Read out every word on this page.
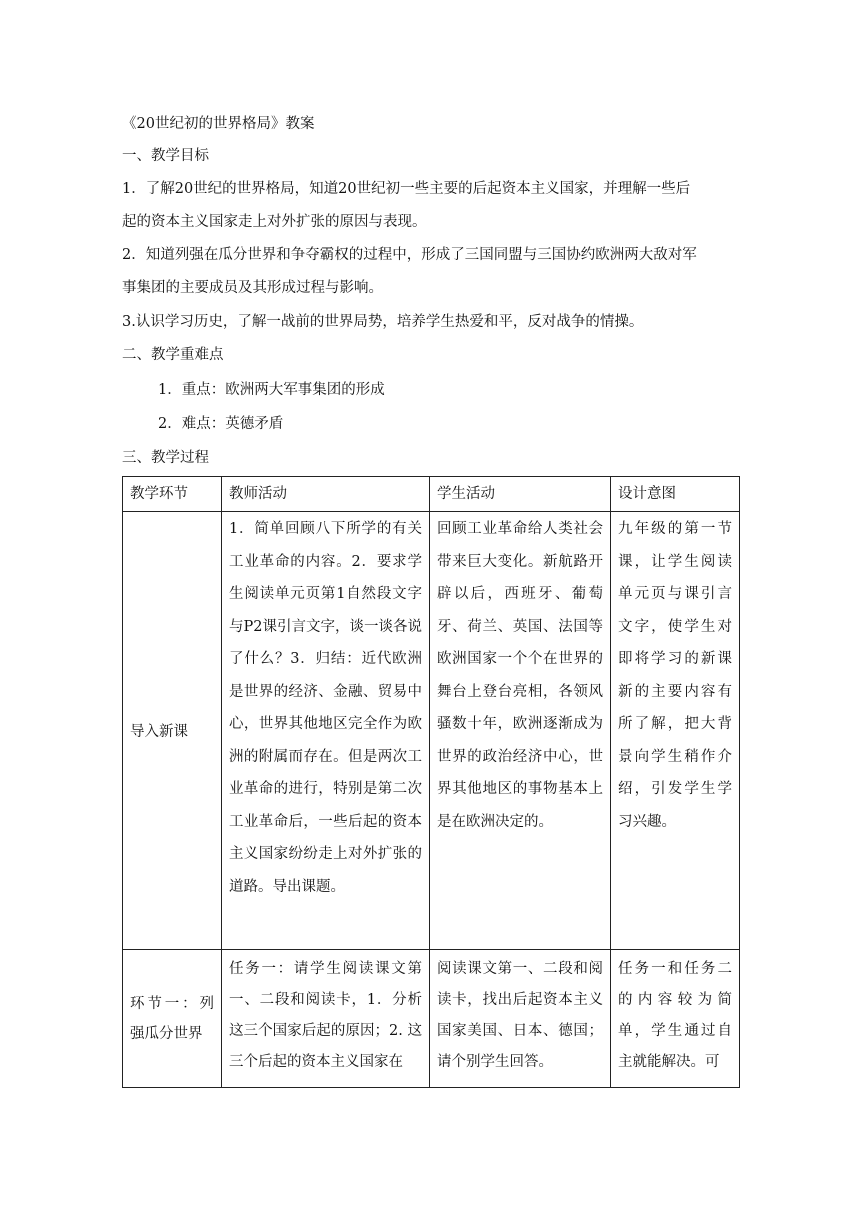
《20世纪初的世界格局》教案
一、教学目标
1．了解20世纪的世界格局，知道20世纪初一些主要的后起资本主义国家，并理解一些后
起的资本主义国家走上对外扩张的原因与表现。
2．知道列强在瓜分世界和争夺霸权的过程中，形成了三国同盟与三国协约欧洲两大敌对军
事集团的主要成员及其形成过程与影响。
3.认识学习历史，了解一战前的世界局势，培养学生热爱和平，反对战争的情操。
二、教学重难点
1．重点：欧洲两大军事集团的形成
2．难点：英德矛盾
三、教学过程
教学环节	教师活动	学生活动	设计意图

导入新课	1．简单回顾八下所学的有关工业革命的内容。2．要求学生阅读单元页第1自然段文字与P2课引言文字，谈一谈各说了什么？3．归结：近代欧洲是世界的经济、金融、贸易中心，世界其他地区完全作为欧洲的附属而存在。但是两次工业革命的进行，特别是第二次工业革命后，一些后起的资本主义国家纷纷走上对外扩张的道路。导出课题。	回顾工业革命给人类社会带来巨大变化。新航路开辟以后，西班牙、葡萄牙、荷兰、英国、法国等欧洲国家一个个在世界的舞台上登台亮相，各领风骚数十年，欧洲逐渐成为世界的政治经济中心，世界其他地区的事物基本上是在欧洲决定的。	九年级的第一节课，让学生阅读单元页与课引言文字，使学生对即将学习的新课新的主要内容有所了解，把大背景向学生稍作介绍，引发学生学习兴趣。

环节一：列强瓜分世界	任务一：请学生阅读课文第一、二段和阅读卡，1．分析这三个国家后起的原因；2. 这三个后起的资本主义国家在	阅读课文第一、二段和阅读卡，找出后起资本主义国家美国、日本、德国；请个别学生回答。	任务一和任务二的内容较为简单，学生通过自主就能解决。可
